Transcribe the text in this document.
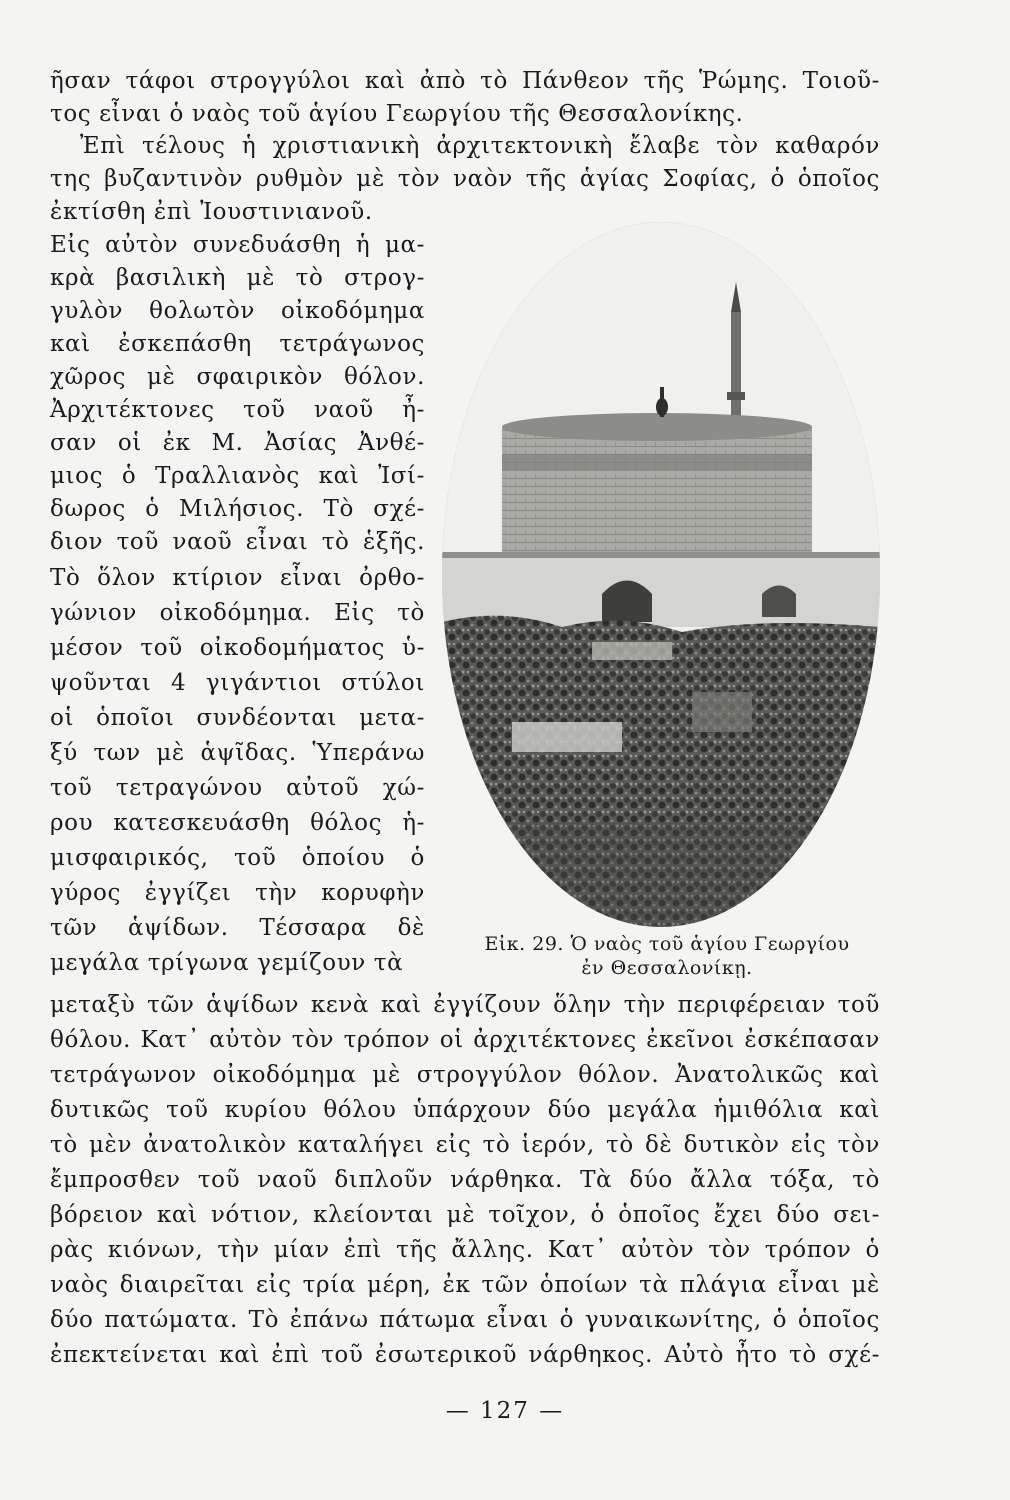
ῆσαν τάφοι στρογγύλοι καὶ ἀπὸ τὸ Πάνθεον τῆς Ῥώμης. Τοιοῦ-
τος εἶναι ὁ ναὸς τοῦ ἁγίου Γεωργίου τῆς Θεσσαλονίκης.
Ἐπὶ τέλους ἡ χριστιανικὴ ἀρχιτεκτονικὴ ἔλαβε τὸν καθαρόν
της βυζαντινὸν ρυθμὸν μὲ τὸν ναὸν τῆς ἁγίας Σοφίας, ὁ ὁποῖος
ἐκτίσθη ἐπὶ Ἰουστινιανοῦ.
Εἰς αὐτὸν συνεδυάσθη ἡ μα-
κρὰ βασιλικὴ μὲ τὸ στρογ-
γυλὸν θολωτὸν οἰκοδόμημα
καὶ ἐσκεπάσθη τετράγωνος
χῶρος μὲ σφαιρικὸν θόλον.
Ἀρχιτέκτονες τοῦ ναοῦ ἦ-
σαν οἱ ἐκ Μ. Ἀσίας Ἀνθέ-
μιος ὁ Τραλλιανὸς καὶ Ἰσί-
δωρος ὁ Μιλήσιος. Τὸ σχέ-
διον τοῦ ναοῦ εἶναι τὸ ἑξῆς.
Τὸ ὅλον κτίριον εἶναι ὀρθο-
γώνιον οἰκοδόμημα. Εἰς τὸ
μέσον τοῦ οἰκοδομήματος ὑ-
ψοῦνται 4 γιγάντιοι στύλοι
οἱ ὁποῖοι συνδέονται μετα-
ξύ των μὲ ἁψῖδας. Ὑπεράνω
τοῦ τετραγώνου αὐτοῦ χώ-
ρου κατεσκευάσθη θόλος ἡ-
μισφαιρικός, τοῦ ὁποίου ὁ
γύρος ἐγγίζει τὴν κορυφὴν
τῶν ἁψίδων. Τέσσαρα δὲ
μεγάλα τρίγωνα γεμίζουν τὰ
Εἰκ. 29. Ὁ ναὸς τοῦ ἁγίου Γεωργίου
ἐν Θεσσαλονίκῃ.
μεταξὺ τῶν ἁψίδων κενὰ καὶ ἐγγίζουν ὅλην τὴν περιφέρειαν τοῦ
θόλου. Κατ᾽ αὐτὸν τὸν τρόπον οἱ ἀρχιτέκτονες ἐκεῖνοι ἐσκέπασαν
τετράγωνον οἰκοδόμημα μὲ στρογγύλον θόλον. Ἀνατολικῶς καὶ
δυτικῶς τοῦ κυρίου θόλου ὑπάρχουν δύο μεγάλα ἡμιθόλια καὶ
τὸ μὲν ἀνατολικὸν καταλήγει εἰς τὸ ἱερόν, τὸ δὲ δυτικὸν εἰς τὸν
ἔμπροσθεν τοῦ ναοῦ διπλοῦν νάρθηκα. Τὰ δύο ἄλλα τόξα, τὸ
βόρειον καὶ νότιον, κλείονται μὲ τοῖχον, ὁ ὁποῖος ἔχει δύο σει-
ρὰς κιόνων, τὴν μίαν ἐπὶ τῆς ἄλλης. Κατ᾽ αὐτὸν τὸν τρόπον ὁ
ναὸς διαιρεῖται εἰς τρία μέρη, ἐκ τῶν ὁποίων τὰ πλάγια εἶναι μὲ
δύο πατώματα. Τὸ ἐπάνω πάτωμα εἶναι ὁ γυναικωνίτης, ὁ ὁποῖος
ἐπεκτείνεται καὶ ἐπὶ τοῦ ἐσωτερικοῦ νάρθηκος. Αὐτὸ ἦτο τὸ σχέ-
— 127 —
